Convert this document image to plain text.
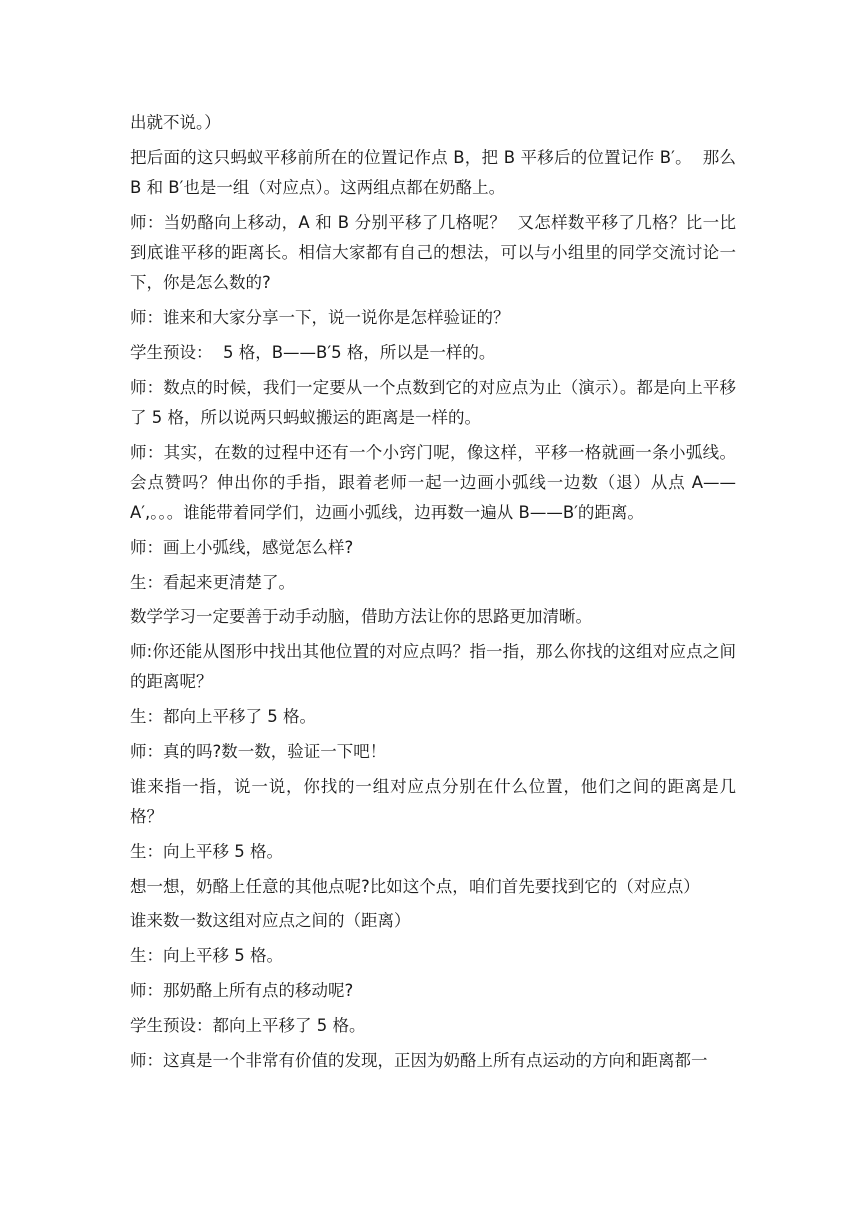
出就不说。）

把后面的这只蚂蚁平移前所在的位置记作点 B，把 B 平移后的位置记作 B′。  那么 B 和 B′也是一组（对应点）。这两组点都在奶酪上。

师：当奶酪向上移动，A 和 B 分别平移了几格呢？  又怎样数平移了几格？比一比到底谁平移的距离长。相信大家都有自己的想法，可以与小组里的同学交流讨论一下，你是怎么数的?

师：谁来和大家分享一下，说一说你是怎样验证的？

学生预设：  5 格，B——B′5 格，所以是一样的。

师：数点的时候，我们一定要从一个点数到它的对应点为止（演示）。都是向上平移了 5 格，所以说两只蚂蚁搬运的距离是一样的。

师：其实，在数的过程中还有一个小窍门呢，像这样，平移一格就画一条小弧线。会点赞吗？伸出你的手指，跟着老师一起一边画小弧线一边数（退）从点 A——A′,。。。谁能带着同学们，边画小弧线，边再数一遍从 B——B′的距离。

师：画上小弧线，感觉怎么样?

生：看起来更清楚了。

数学学习一定要善于动手动脑，借助方法让你的思路更加清晰。

师:你还能从图形中找出其他位置的对应点吗？指一指，那么你找的这组对应点之间的距离呢？

生：都向上平移了 5 格。

师：真的吗?数一数，验证一下吧！

谁来指一指，说一说，你找的一组对应点分别在什么位置，他们之间的距离是几格？

生：向上平移 5 格。

想一想，奶酪上任意的其他点呢?比如这个点，咱们首先要找到它的（对应点）

谁来数一数这组对应点之间的（距离）

生：向上平移 5 格。

师：那奶酪上所有点的移动呢?

学生预设：都向上平移了 5 格。

师：这真是一个非常有价值的发现，正因为奶酪上所有点运动的方向和距离都一
